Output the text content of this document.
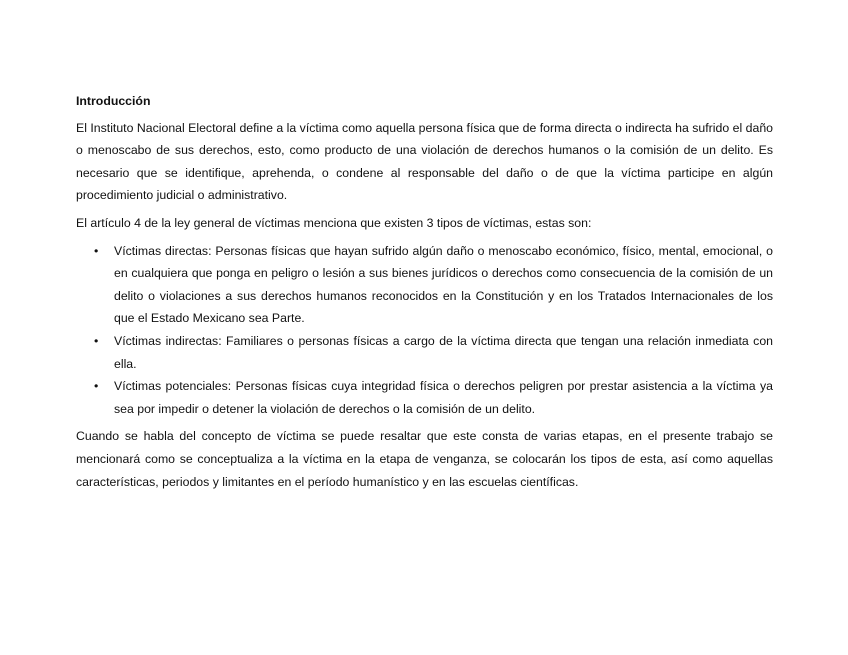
Introducción

El Instituto Nacional Electoral define a la víctima como aquella persona física que de forma directa o indirecta ha sufrido el daño o menoscabo de sus derechos, esto, como producto de una violación de derechos humanos o la comisión de un delito. Es necesario que se identifique, aprehenda, o condene al responsable del daño o de que la víctima participe en algún procedimiento judicial o administrativo.

El artículo 4 de la ley general de víctimas menciona que existen 3 tipos de víctimas, estas son:

• Víctimas directas: Personas físicas que hayan sufrido algún daño o menoscabo económico, físico, mental, emocional, o en cualquiera que ponga en peligro o lesión a sus bienes jurídicos o derechos como consecuencia de la comisión de un delito o violaciones a sus derechos humanos reconocidos en la Constitución y en los Tratados Internacionales de los que el Estado Mexicano sea Parte.
• Víctimas indirectas: Familiares o personas físicas a cargo de la víctima directa que tengan una relación inmediata con ella.
• Víctimas potenciales: Personas físicas cuya integridad física o derechos peligren por prestar asistencia a la víctima ya sea por impedir o detener la violación de derechos o la comisión de un delito.

Cuando se habla del concepto de víctima se puede resaltar que este consta de varias etapas, en el presente trabajo se mencionará como se conceptualiza a la víctima en la etapa de venganza, se colocarán los tipos de esta, así como aquellas características, periodos y limitantes en el período humanístico y en las escuelas científicas.
